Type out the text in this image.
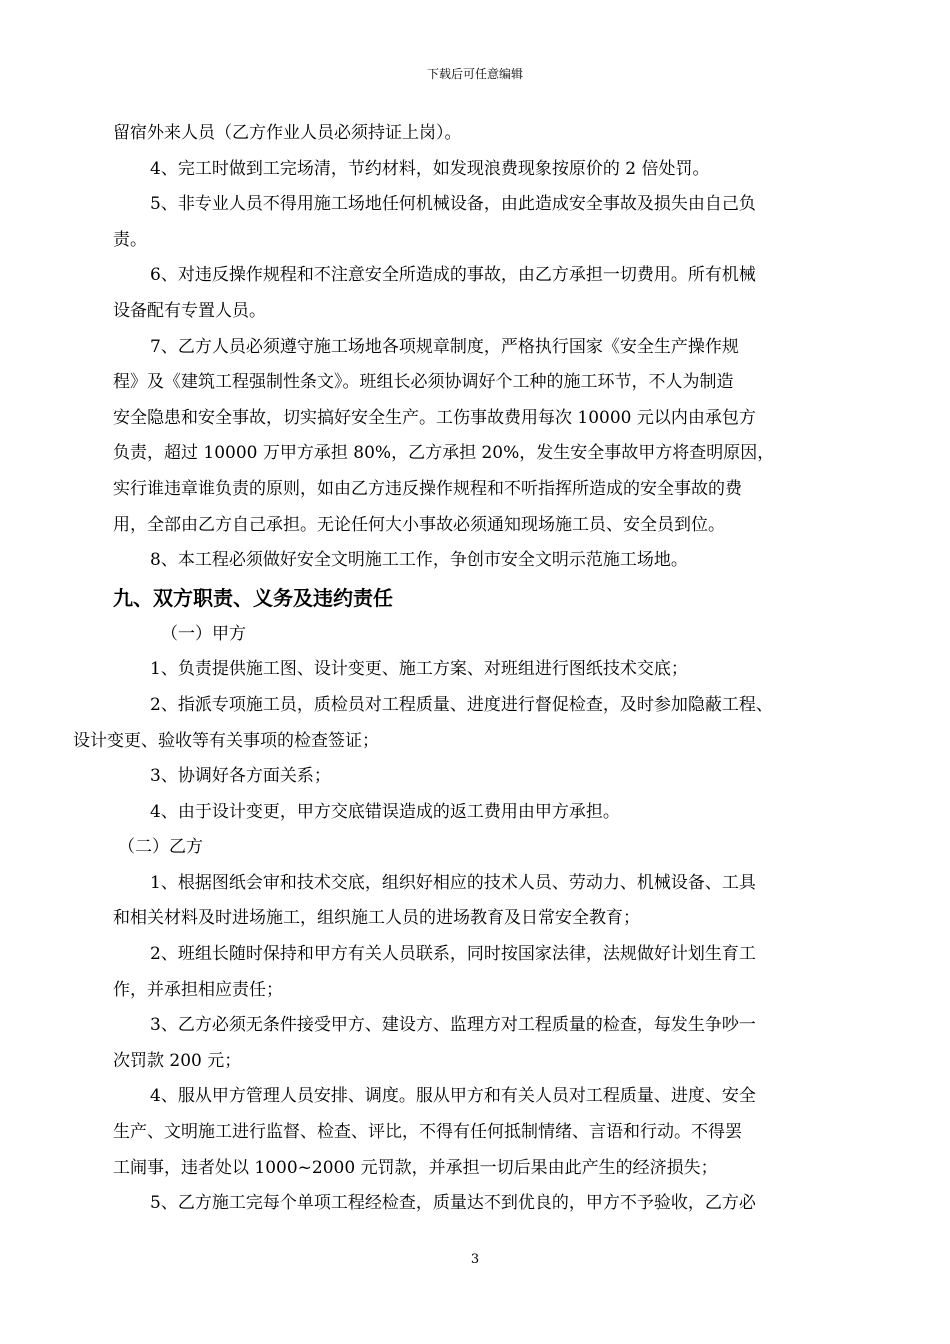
下载后可任意编辑

留宿外来人员（乙方作业人员必须持证上岗）。

4、完工时做到工完场清，节约材料，如发现浪费现象按原价的 2 倍处罚。

5、非专业人员不得用施工场地任何机械设备，由此造成安全事故及损失由自己负

责。

6、对违反操作规程和不注意安全所造成的事故，由乙方承担一切费用。所有机械

设备配有专置人员。

7、乙方人员必须遵守施工场地各项规章制度，严格执行国家《安全生产操作规

程》及《建筑工程强制性条文》。班组长必须协调好个工种的施工环节，不人为制造

安全隐患和安全事故，切实搞好安全生产。工伤事故费用每次 10000 元以内由承包方

负责，超过 10000 万甲方承担 80%，乙方承担 20%，发生安全事故甲方将查明原因，

实行谁违章谁负责的原则，如由乙方违反操作规程和不听指挥所造成的安全事故的费

用，全部由乙方自己承担。无论任何大小事故必须通知现场施工员、安全员到位。

8、本工程必须做好安全文明施工工作，争创市安全文明示范施工场地。

九、双方职责、义务及违约责任

（一）甲方

1、负责提供施工图、设计变更、施工方案、对班组进行图纸技术交底；

2、指派专项施工员，质检员对工程质量、进度进行督促检查，及时参加隐蔽工程、

设计变更、验收等有关事项的检查签证；

3、协调好各方面关系；

4、由于设计变更，甲方交底错误造成的返工费用由甲方承担。

（二）乙方

1、根据图纸会审和技术交底，组织好相应的技术人员、劳动力、机械设备、工具

和相关材料及时进场施工，组织施工人员的进场教育及日常安全教育；

2、班组长随时保持和甲方有关人员联系，同时按国家法律，法规做好计划生育工

作，并承担相应责任；

3、乙方必须无条件接受甲方、建设方、监理方对工程质量的检查，每发生争吵一

次罚款 200 元；

4、服从甲方管理人员安排、调度。服从甲方和有关人员对工程质量、进度、安全

生产、文明施工进行监督、检查、评比，不得有任何抵制情绪、言语和行动。不得罢

工闹事，违者处以 1000~2000 元罚款，并承担一切后果由此产生的经济损失；

5、乙方施工完每个单项工程经检查，质量达不到优良的，甲方不予验收，乙方必

3
